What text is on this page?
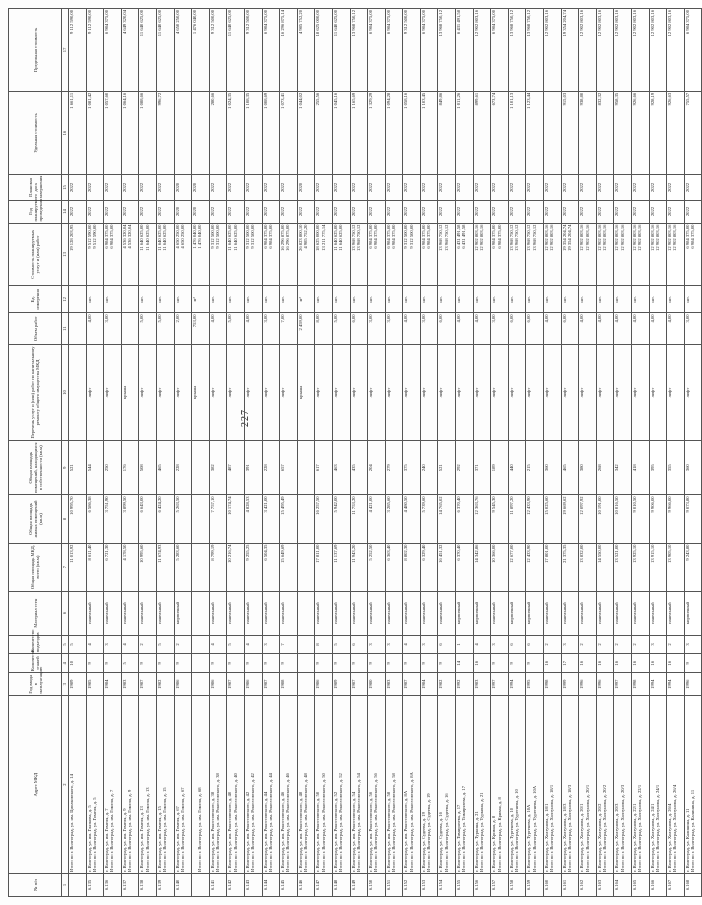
227
№ п/п	Адрес МКД	Год ввода в эксплуатацию	Количество этажей	Количество подъездов	Материал стен	Общая площадь МКД, всего (кв.м)	Общая площадь жилых помещений (кв.м)	Общая площадь помещений, находящихся в собственности (кв.м)	Перечень услуг и (или) работ по капитальному ремонту общего имущества МКД	Объем работ	Ед. измерения	Стоимость планируемых услуг и (или) работ	Год планируемого проведения	Плановая дата завершения	Удельная стоимость	Предельная стоимость
1	2	3	4	5	6	7	8	9	10	11	12	13	14	15	16	17

	Итого по г. Волгоград, ул. им. Циолковского, д. 14	1989	10	5		11 013,92	10 995,70	521				19 128 203,95	2022	2022	1 661,11	9 112 590,00
6.135	г. Волгоград, ул. им. Глазкова, д. 5 Итого по г. Волгоград, ул. Гомеля, д. 5	1985	9	4	панельный	8 611,40	6 586,38	544	лифт	4,00	шт.	9 512 590,00 9 512 590,00	2022	2022	1 081,42	9 112 590,00
6.136	г. Волгоград, ул. им. Гомеля, д. 7 Итого по г. Волгоград, ул. им. Гомеля, д. 7	1984	9	3	панельный	6 721,30	3 751,90	250	лифт	3,00	шт.	6 984 375,00 6 984 375,00	2022	2022	1 057,60	6 984 375,00
6.137	г. Волгоград, ул. им. Гомеля, д. 9 Итого по г. Волгоград, ул. им. Гомеля, д. 9	1983	5	4	панельный	4 178,50	3 899,50	176	крыша			4 536 320,04 4 536 320,04	2022	2022	1 064,16	4 649 320,04
6.138	г. Волгоград, ул. им. Гомеля, д. 13 Итого по г. Волгоград, ул. им. Гомеля, д. 13	1987	9	2	панельный	10 995,60	6 643,00	508	лифт	5,00	шт.	11 640 625,00 11 640 625,00	2022	2022	1 088,66	11 640 625,00
6.139	г. Волгоград, ул. им. Гомеля, д. 15 Итого по г. Волгоград, ул. им. Гомеля, д. 15	1982	9	5	панельный	11 674,93	6 424,20	465	лифт	5,00	шт.	11 640 625,00 11 640 625,00	2022	2022	996,72	11 640 625,00
6.140	г. Волгоград, ул. им. Гомеля, д. 67 Итого по г. Волгоград, ул. им. Гомеля, д. 67	1986	9	2	кирпичный	5 283,60	5 263,50	228	лифт	2,00	шт.	4 650 250,00 4 650 250,00	2020	2020		4 650 250,00

	Итого по г. Волгоград, ул. им. Гомеля, д. 68								крыша	753,00	м²	1 476 040,00 1 476 040,00	2020	2020		1 476 040,00
6.141	г. Волгоград, ул. им. Рокоссовского, д. 38 Итого по г. Волгоград, ул. им. Рокоссовского, д. 38	1986	9	4	панельный	8 799,19	7 757,10	382	лифт	4,00	шт.	9 312 500,00 9 312 500,00	2022	2022	280,66	9 312 500,00
6.142	г. Волгоград, ул. им. Рокоссовского, д. 40 Итого по г. Волгоград, ул. им. Рокоссовского, д. 40	1987	9	5	панельный	10 216,74	10 174,74	487	лифт	5,00	шт.	11 640 625,00 11 640 625,00	2022	2022	1 024,35	11 640 625,00
6.143	г. Волгоград, ул. им. Рокоссовского, д. 42 Итого по г. Волгоград, ул. им. Рокоссовского, д. 42	1986	9	4	панельный	9 255,25	4 828,53	391	лифт	4,00	шт.	9 312 500,00 9 312 500,00	2022	2022	1 108,35	9 312 500,00
6.144	г. Волгоград, ул. им. Рокоссовского, д. 44 Итого по г. Волгоград, ул. им. Рокоссовского, д. 44	1987	9	3	панельный	6 504,35	3 421,00	228	лифт	3,00	шт.	6 984 375,00 6 984 375,00	2022	2022	1 008,69	6 984 375,00
6.145	г. Волгоград, ул. им. Рокоссовского, д. 46 Итого по г. Волгоград, ул. им. Рокоссовского, д. 46	1988	9	7	панельный	15 649,69	15 495,49	657	лифт	7,00	шт.	16 296 875,00 16 296 875,00	2022	2022	1 073,41	16 296 875,14
6.146	г. Волгоград, ул. им. Рокоссовского, д. 48 Итого по г. Волгоград, ул. им. Рокоссовского, д. 48								крыша	2 459,00	м²	26 823 800,10 4 985 752,20	2022	2020	1 044,02	4 985 752,20
6.147	г. Волгоград, ул. им. Рокоссовского, д. 50 Итого по г. Волгоград, ул. им. Рокоссовского, д. 50	1986	9	8	панельный	17 811,00	16 257,50	617	лифт	8,00	шт.	18 625 000,00 13 211 775,14	2022	2022	255,56	18 625 000,00
6.148	г. Волгоград, ул. им. Рокоссовского, д. 52 Итого по г. Волгоград, ул. им. Рокоссовского, д. 52	1989	9	5	панельный	11 137,69	5 942,00	463	лифт	5,00	шт.	11 640 625,00 11 640 625,00	2022	2022	1 045,16	11 640 625,00
6.149	г. Волгоград, ул. им. Рокоссовского, д. 54 Итого по г. Волгоград, ул. им. Рокоссовского, д. 54	1987	9	6	панельный	11 943,20	11 753,20	435	лифт	6,00	шт.	13 968 750,12 13 968 750,12	2022	2022	1 165,69	13 968 750,12
6.150	г. Волгоград, ул. им. Рокоссовского, д. 56 Итого по г. Волгоград, ул. им. Рокоссовского, д. 56	1980	9	3	панельный	5 252,50	4 421,00	204	лифт	3,00	шт.	6 984 375,00 6 984 375,00	2022	2022	1 329,29	6 984 375,00
6.151	г. Волгоград, ул. им. Рокоссовского, д. 58 Итого по г. Волгоград, ул. им. Рокоссовского, д. 58	1983	9	3	панельный	6 363,40	3 285,60	279	лифт	3,00	шт.	6 984 375,00 6 984 375,00	2022	2022	1 094,28	6 984 375,00
6.152	г. Волгоград, ул. им. Рокоссовского, д. 8А Итого по г. Волгоград, ул. им. Рокоссовского, д. 8А	1987	9	4	панельный	8 802,30	4 480,50	375	лифт	4,00	шт.	9 312 500,00 9 312 500,00	2022	2022	1 058,16	9 312 500,00
6.153	г. Волгоград, ул. Судеева, д. 19 Итого по г. Волгоград, ул. Судеева, д. 19	1984	9	3	панельный	6 329,40	5 739,60	240	лифт	3,00	шт.	6 984 375,00 6 984 375,00	2022	2022	1 103,45	6 984 375,00
6.154	г. Волгоград, ул. Судеева, д. 16 Итого по г. Волгоград, ул. Судеева, д. 16	1982	9	6	панельный	16 451,32	14 765,02	521	лифт	6,00	шт.	13 968 750,12 13 968 750,12	2022	2022	849,86	13 968 750,12
6.155	г. Волгоград, ул. Тимирязева, д. 17 Итого по г. Волгоград, ул. Тимирязева, д. 17	1992	14	1	кирпичный	6 370,40	6 370,40	292	лифт	4,00	шт.	6 431 491,58 6 431 491,58	2022	2022	1 011,26	6 431 491,58
6.156	г. Волгоград, ул. Туркина, д. 21 Итого по г. Волгоград, ул. Туркина, д. 21	1983	16	4	кирпичный	14 342,86	12 363,76	371	лифт	4,00	шт.	12 902 803,16 12 902 803,16	2022	2022	899,61	12 902 803,16
6.157	г. Волгоград, ул. Кривая, д. 8 Итого по г. Волгоград, ул. Кривая, д. 8	1997	9	3	панельный	10 366,00	9 545,30	189	лифт	3,00	шт.	6 984 375,00 6 984 375,00	2022	2022	673,74	6 984 375,00
6.158	г. Волгоград, ул. Тургенева, д. 10 Итого по г. Волгоград, ул. Тургенева, д. 10	1994	9	6	кирпичный	12 677,00	11 897,20	440	лифт	6,00	шт.	13 968 750,12 13 968 750,12	2022	2022	1 101,13	13 968 750,12
6.159	г. Волгоград, ул. Тургенева, д. 10А Итого по г. Волгоград, ул. Тургенева, д. 10А	1995	9	6	кирпичный	12 433,90	12 433,90	215	лифт	6,00	шт.	13 968 750,12 13 968 750,12	2022	2022	1 123,44	13 968 750,12
6.160	г. Волгоград, ул. Холзунова, д. 18/1 Итого по г. Волгоград, ул. Холзунова, д. 18/1	1998	16	2	панельный	17 801,00	15 025,60	360	лифт	4,00	шт.	12 902 803,16 12 902 803,16	2022	2022		12 902 803,16
6.161	г. Волгоград, ул. Холзунова, д. 18/3 Итого по г. Волгоград, ул. Холзунова, д. 18/3	1999	17	3	панельный	21 375,35	19 669,62	465	лифт	6,00	шт.	19 354 204,74 19 354 204,74	2022	2022	915,03	19 354 204,74
6.162	г. Волгоград, ул. Холзунова, д. 20/1 Итого по г. Волгоград, ул. Холзунова, д. 20/1	1996	16	2	панельный	13 832,00	12 097,92	380	лифт	4,00	шт.	12 902 803,16 12 902 803,16	2022	2022	938,80	12 902 803,16
6.163	г. Волгоград, ул. Холзунова, д. 20/2 Итого по г. Волгоград, ул. Холзунова, д. 20/2	1996	16	2	панельный	14 550,00	10 191,00	268	лифт	4,00	шт.	12 902 803,16 12 902 803,16	2022	2022	832,32	12 902 803,16
6.164	г. Волгоград, ул. Холзунова, д. 20/3 Итого по г. Волгоград, ул. Холзунова, д. 20/3	1997	16	2	панельный	13 521,00	10 016,50	342	лифт	4,00	шт.	12 902 803,16 12 902 803,16	2022	2022	958,35	12 902 803,16
6.165	г. Волгоград, ул. Холзунова, д. 22/1 Итого по г. Волгоград, ул. Холзунова, д. 22/1	1998	16	2	панельный	13 925,10	9 010,50	418	лифт	4,00	шт.	12 902 803,16 12 902 803,16	2022	2022	926,66	12 902 803,16
6.166	г. Волгоград, ул. Холзунова, д. 24/1 Итого по г. Волгоград, ул. Холзунова, д. 24/1	1994	16	3	панельный	13 915,10	9 906,00	395	лифт	4,00	шт.	12 902 803,16 12 902 803,16	2022	2022	928,19	12 902 803,16
6.167	г. Волгоград, ул. Холзунова, д. 26/4 Итого по г. Волгоград, ул. Холзунова, д. 26/4	1994	16	2	панельный	13 905,10	9 966,00	355	лифт	4,00	шт.	12 902 803,16 12 902 803,16	2022	2022	926,63	12 902 803,16
6.168	г. Волгоград, ул. Калинина, д. 11 Итого по г. Волгоград, ул. Калинина, д. 11	1996	9	3	кирпичный	9 243,80	9 073,80	360	лифт	3,00	шт.	6 984 375,00 6 984 375,00	2022	2022	755,57	6 984 375,00
